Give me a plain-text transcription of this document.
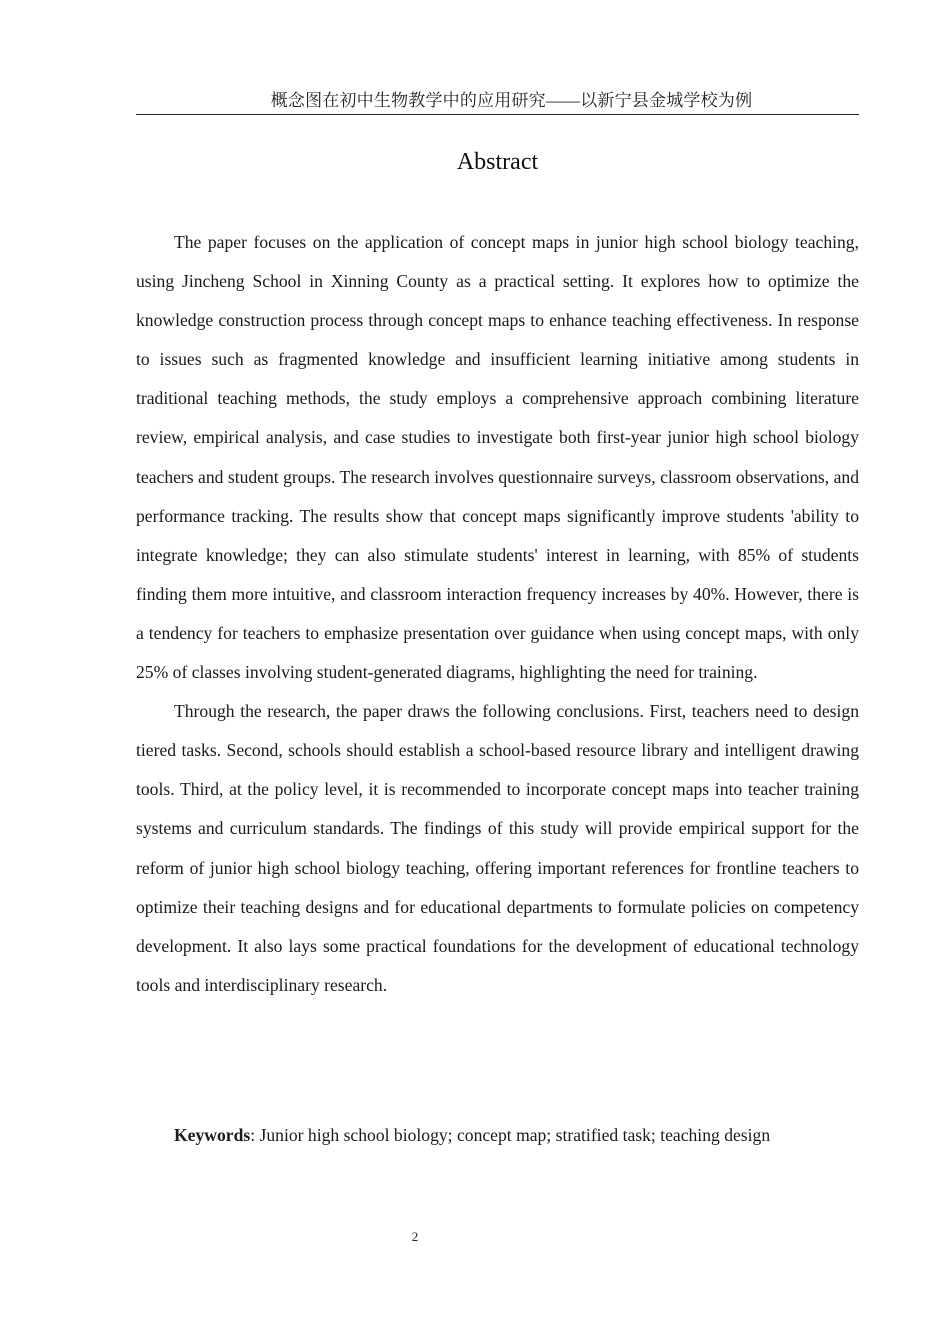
概念图在初中生物教学中的应用研究——以新宁县金城学校为例
Abstract

The paper focuses on the application of concept maps in junior high school biology teaching, using Jincheng School in Xinning County as a practical setting. It explores how to optimize the knowledge construction process through concept maps to enhance teaching effectiveness. In response to issues such as fragmented knowledge and insufficient learning initiative among students in traditional teaching methods, the study employs a comprehensive approach combining literature review, empirical analysis, and case studies to investigate both first-year junior high school biology teachers and student groups. The research involves questionnaire surveys, classroom observations, and performance tracking. The results show that concept maps significantly improve students 'ability to integrate knowledge; they can also stimulate students' interest in learning, with 85% of students finding them more intuitive, and classroom interaction frequency increases by 40%. However, there is a tendency for teachers to emphasize presentation over guidance when using concept maps, with only 25% of classes involving student-generated diagrams, highlighting the need for training.

Through the research, the paper draws the following conclusions. First, teachers need to design tiered tasks. Second, schools should establish a school-based resource library and intelligent drawing tools. Third, at the policy level, it is recommended to incorporate concept maps into teacher training systems and curriculum standards. The findings of this study will provide empirical support for the reform of junior high school biology teaching, offering important references for frontline teachers to optimize their teaching designs and for educational departments to formulate policies on competency development. It also lays some practical foundations for the development of educational technology tools and interdisciplinary research.

Keywords: Junior high school biology; concept map; stratified task; teaching design
2
